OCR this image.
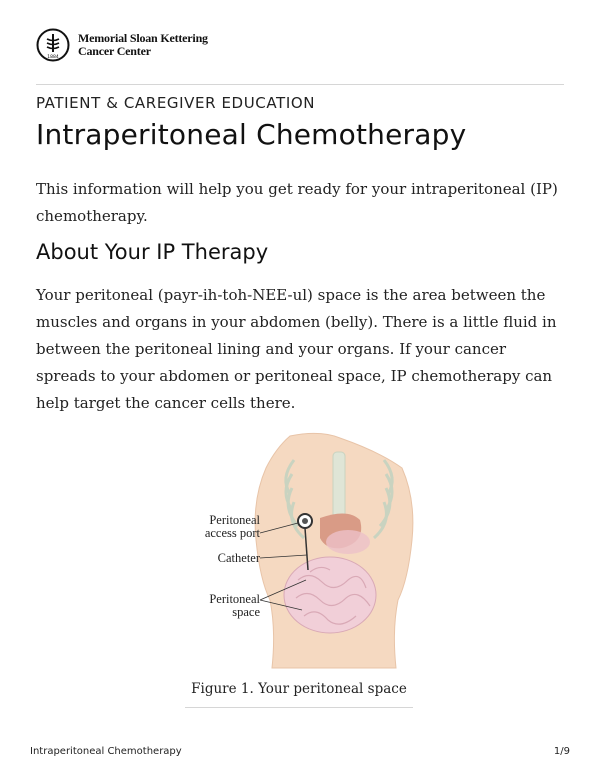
1884
Memorial Sloan Kettering
Cancer Center
PATIENT & CAREGIVER EDUCATION
Intraperitoneal Chemotherapy
This information will help you get ready for your intraperitoneal (IP) chemotherapy.
About Your IP Therapy
Your peritoneal (payr-ih-toh-NEE-ul) space is the area between the muscles and organs in your abdomen (belly). There is a little fluid in between the peritoneal lining and your organs. If your cancer spreads to your abdomen or peritoneal space, IP chemotherapy can help target the cancer cells there.
Peritoneal
access port
Catheter
Peritoneal
space
Figure 1. Your peritoneal space
Intraperitoneal Chemotherapy	1/9
